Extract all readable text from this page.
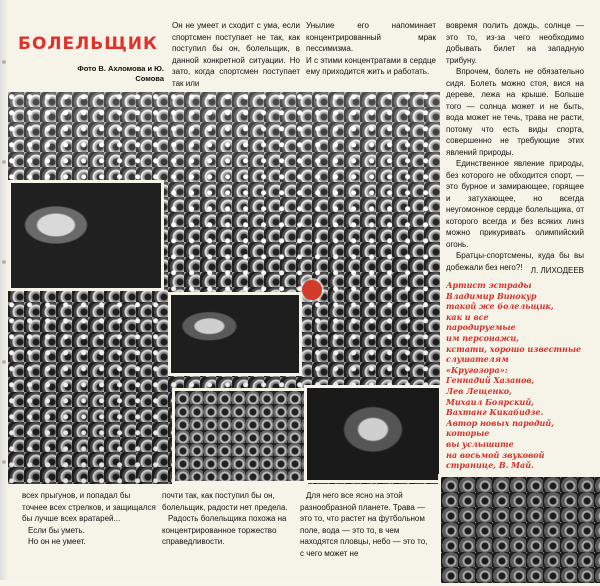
БОЛЕЛЬЩИК
Фото В. Ахломова и Ю. Сомова

Он не умеет и сходит с ума, если спортсмен поступает не так, как поступил бы он, болельщик, в данной конкретной ситуации. Но зато, когда спортсмен поступает так или

Унылие его напоминает концентрированный мрак пессимизма.
И с этими концентратами в сердце ему приходится жить и работать.

вовремя полить дождь, солнце — это то, из-за чего необходимо добывать билет на западную трибуну.

Впрочем, болеть не обязательно сидя. Болеть можно стоя, вися на дереве, лежа на крыше. Больше того — солнца может и не быть, вода может не течь, трава не расти, потому что есть виды спорта, совершенно не требующие этих явлений природы.

Единственное явление природы, без которого не обходится спорт, — это бурное и замирающее, горящее и затухающее, но всегда неугомонное сердце болельщика, от которого всегда и без всяких линз можно прикуривать олимпийский огонь.

Братцы-спортсмены, куда бы вы добежали без него?!	Л. ЛИХОДЕЕВ

Артист эстрады

Владимир Винокур

такой же болельщик,

как и все

пародируемые

им персонажи,

кстати, хорошо известные

слушателям

«Кругозора»:

Геннадий Хазанов,

Лев Лещенко,

Михаил Боярский,

Вахтанг Кикабидзе.

Автор новых пародий,

которые

вы услышите

на восьмой звуковой

странице, В. Май.

всех прыгунов, и попадал бы

точнее всех стрелков, и защищался бы лучше всех вратарей...

Если бы уметь.

Но он не умеет.

почти так, как поступил бы он,

болельщик, радости нет предела.

Радость болельщика похожа на концентрированное торжество справедливости.

Для него все ясно на этой разнообразной планете. Трава — это то, что растет на футбольном поле, вода — это то, в чем находятся пловцы, небо — это то, с чего может не
